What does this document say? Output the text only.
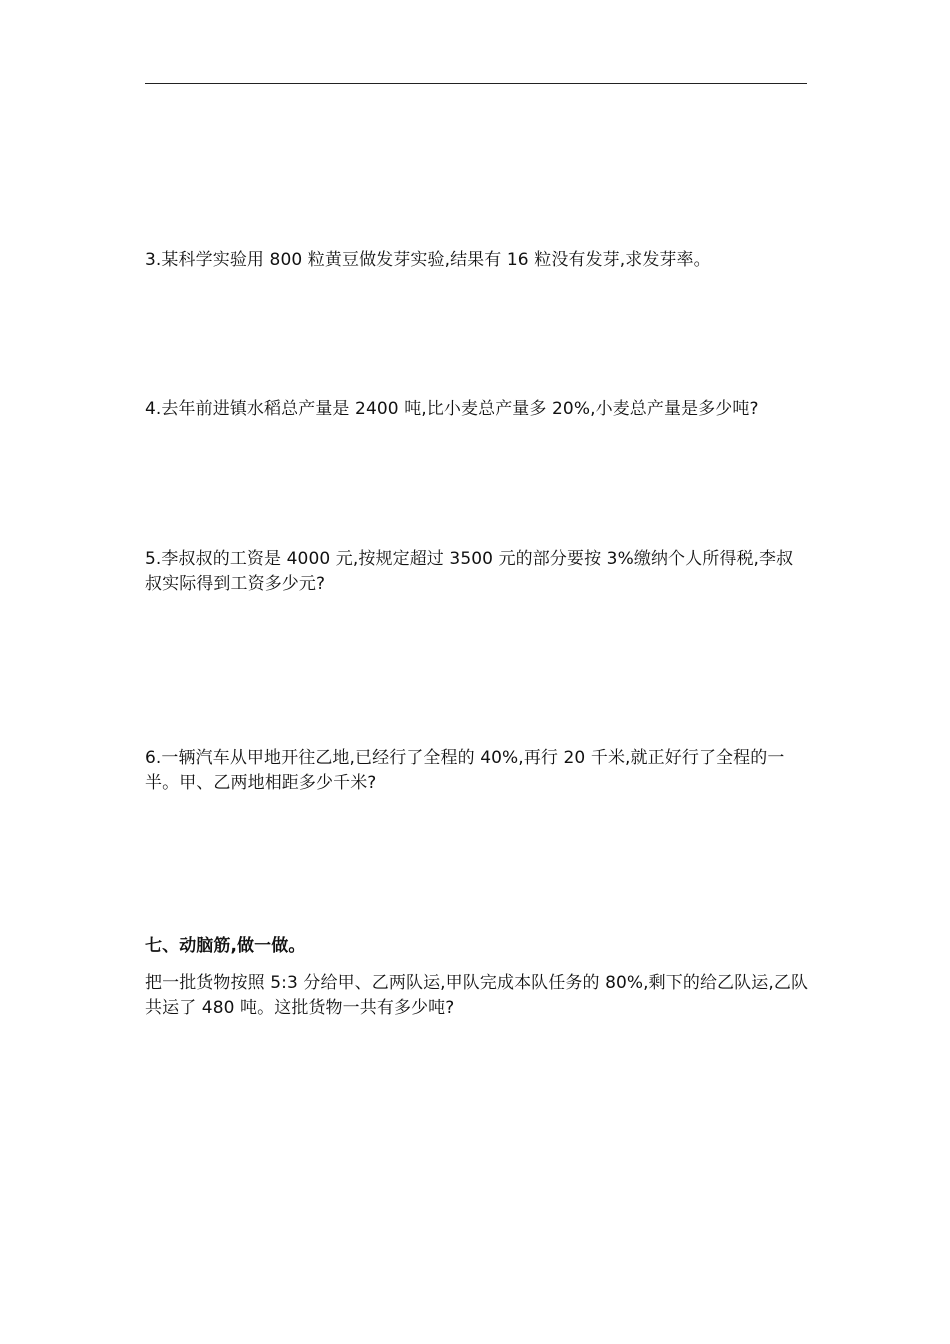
3.某科学实验用 800 粒黄豆做发芽实验,结果有 16 粒没有发芽,求发芽率。
4.去年前进镇水稻总产量是 2400 吨,比小麦总产量多 20%,小麦总产量是多少吨?
5.李叔叔的工资是 4000 元,按规定超过 3500 元的部分要按 3%缴纳个人所得税,李叔叔实际得到工资多少元?
6.一辆汽车从甲地开往乙地,已经行了全程的 40%,再行 20 千米,就正好行了全程的一半。甲、乙两地相距多少千米?
七、动脑筋,做一做。
把一批货物按照 5:3 分给甲、乙两队运,甲队完成本队任务的 80%,剩下的给乙队运,乙队共运了 480 吨。这批货物一共有多少吨?
